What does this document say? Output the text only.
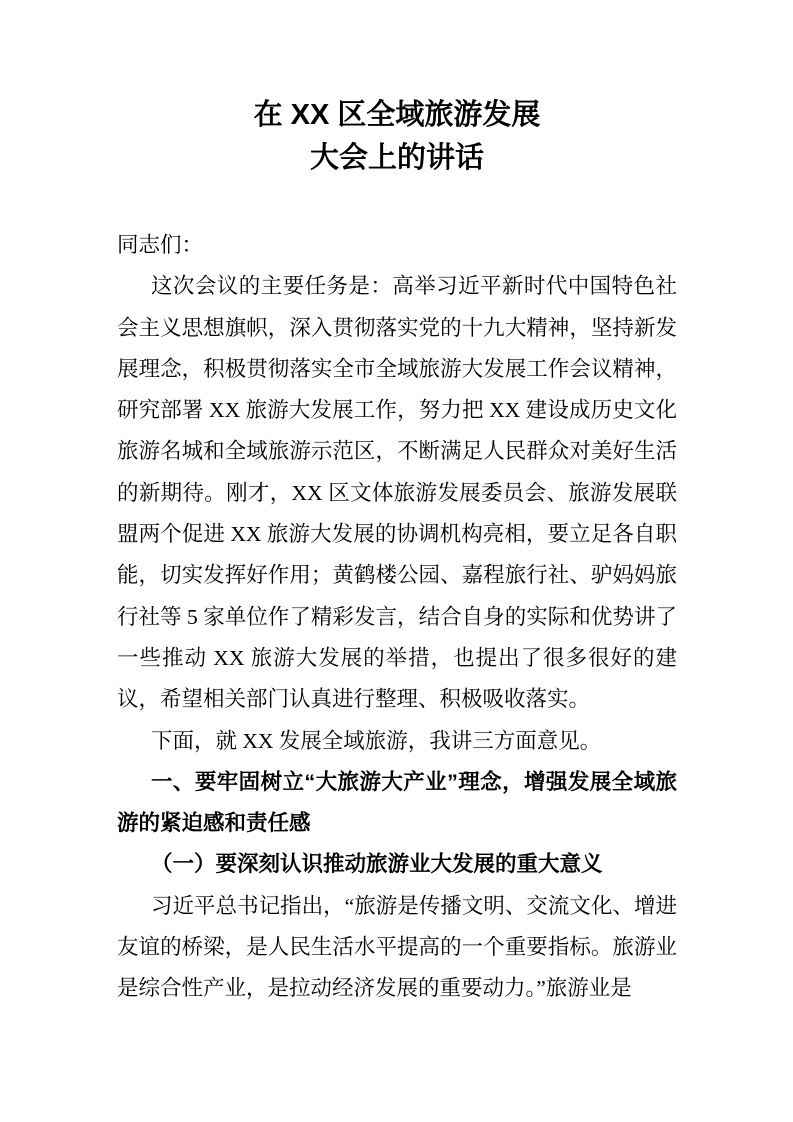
在 XX 区全域旅游发展
大会上的讲话

同志们：

这次会议的主要任务是：高举习近平新时代中国特色社会主义思想旗帜，深入贯彻落实党的十九大精神，坚持新发展理念，积极贯彻落实全市全域旅游大发展工作会议精神，研究部署 XX 旅游大发展工作，努力把 XX 建设成历史文化旅游名城和全域旅游示范区，不断满足人民群众对美好生活的新期待。刚才，XX 区文体旅游发展委员会、旅游发展联盟两个促进 XX 旅游大发展的协调机构亮相，要立足各自职能，切实发挥好作用；黄鹤楼公园、嘉程旅行社、驴妈妈旅行社等 5 家单位作了精彩发言，结合自身的实际和优势讲了一些推动 XX 旅游大发展的举措，也提出了很多很好的建议，希望相关部门认真进行整理、积极吸收落实。

下面，就 XX 发展全域旅游，我讲三方面意见。

一、要牢固树立“大旅游大产业”理念，增强发展全域旅游的紧迫感和责任感

（一）要深刻认识推动旅游业大发展的重大意义

习近平总书记指出，“旅游是传播文明、交流文化、增进友谊的桥梁，是人民生活水平提高的一个重要指标。旅游业是综合性产业，是拉动经济发展的重要动力。”旅游业是
